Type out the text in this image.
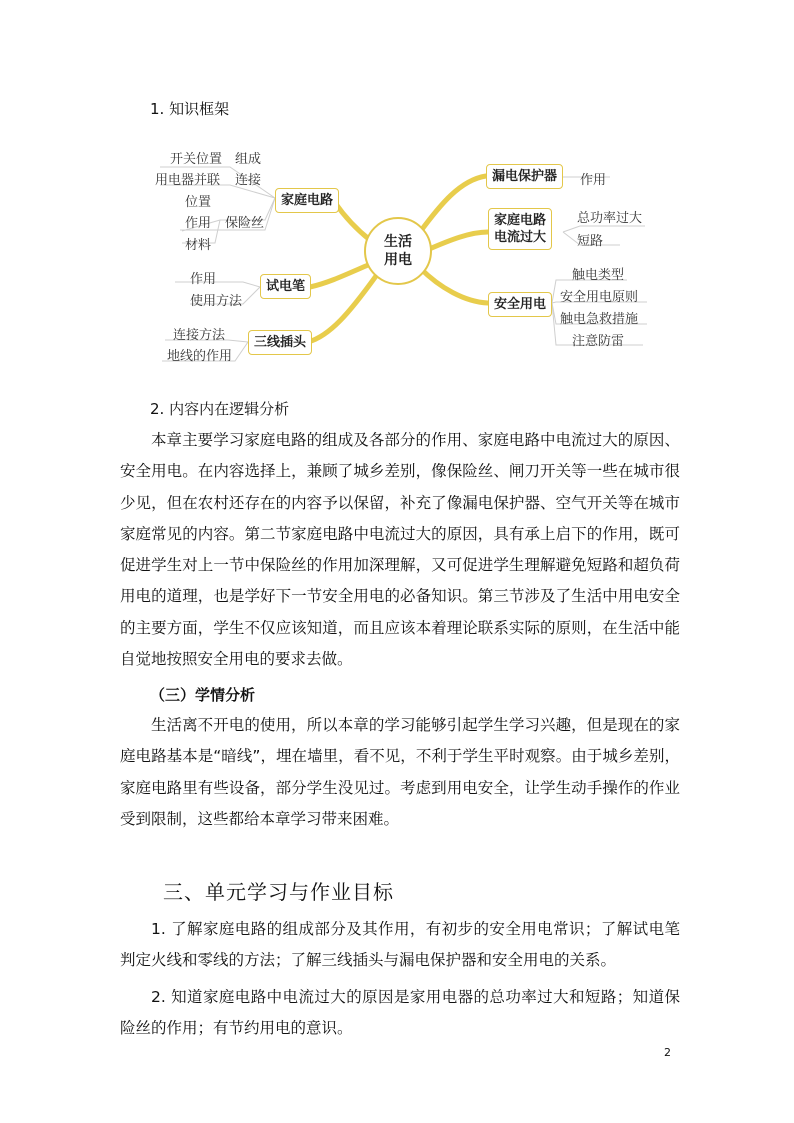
1. 知识框架
开关位置 组成
用电器并联 连接
家庭电路
位置
作用 保险丝
材料
作用
使用方法
试电笔
连接方法
地线的作用
三线插头
生活
用电
漏电保护器	作用
家庭电路
电流过大
总功率过大
短路
安全用电
触电类型
安全用电原则
触电急救措施
注意防雷
2. 内容内在逻辑分析
本章主要学习家庭电路的组成及各部分的作用、家庭电路中电流过大的原因、安全用电。在内容选择上，兼顾了城乡差别，像保险丝、闸刀开关等一些在城市很少见，但在农村还存在的内容予以保留，补充了像漏电保护器、空气开关等在城市家庭常见的内容。第二节家庭电路中电流过大的原因，具有承上启下的作用，既可促进学生对上一节中保险丝的作用加深理解，又可促进学生理解避免短路和超负荷用电的道理，也是学好下一节安全用电的必备知识。第三节涉及了生活中用电安全的主要方面，学生不仅应该知道，而且应该本着理论联系实际的原则，在生活中能自觉地按照安全用电的要求去做。
（三）学情分析
生活离不开电的使用，所以本章的学习能够引起学生学习兴趣，但是现在的家庭电路基本是“暗线”，埋在墙里，看不见，不利于学生平时观察。由于城乡差别，家庭电路里有些设备，部分学生没见过。考虑到用电安全，让学生动手操作的作业受到限制，这些都给本章学习带来困难。
三、单元学习与作业目标
1. 了解家庭电路的组成部分及其作用，有初步的安全用电常识；了解试电笔判定火线和零线的方法；了解三线插头与漏电保护器和安全用电的关系。
2. 知道家庭电路中电流过大的原因是家用电器的总功率过大和短路；知道保险丝的作用；有节约用电的意识。
2
